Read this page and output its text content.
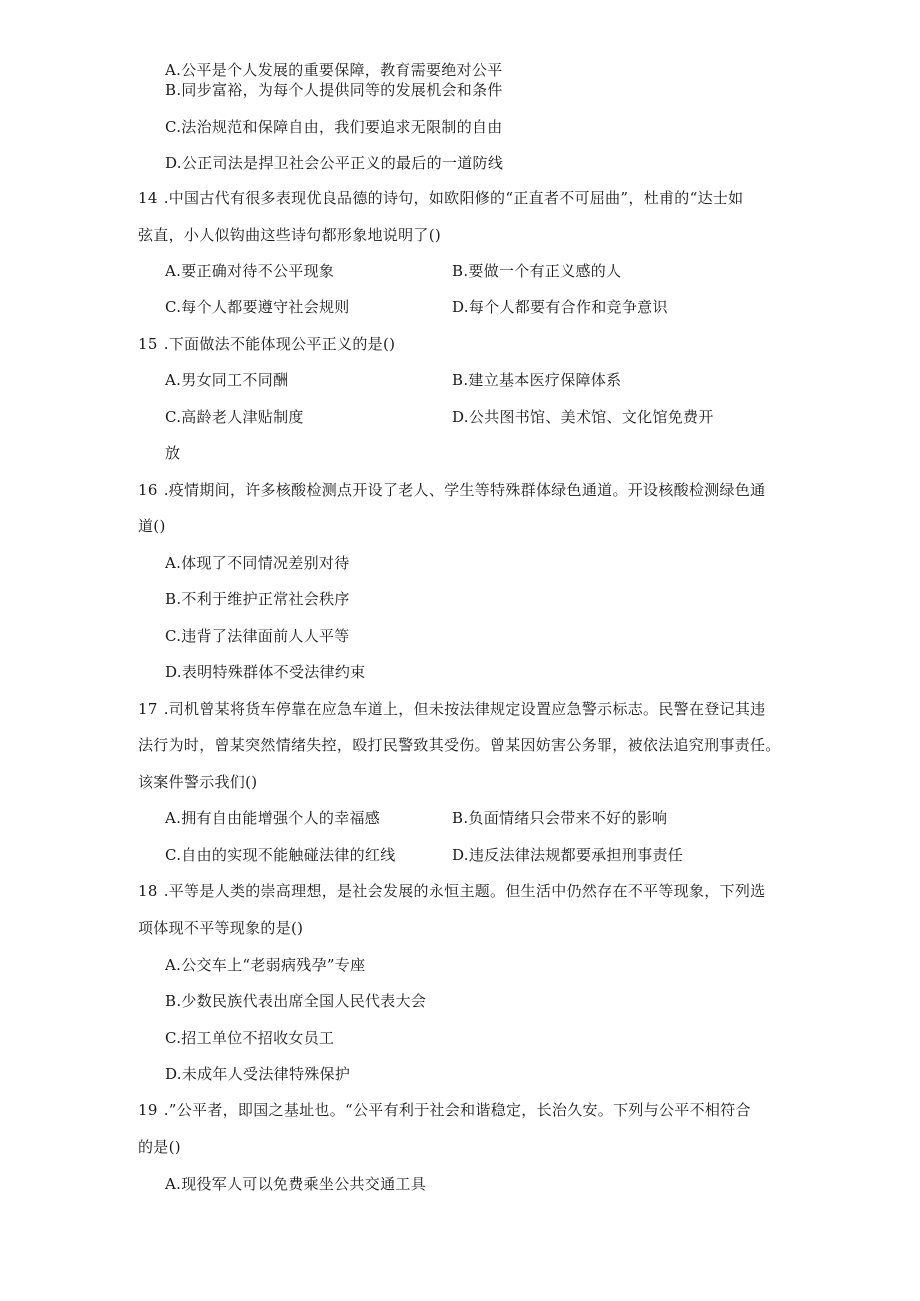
A.公平是个人发展的重要保障，教育需要绝对公平
B.同步富裕，为每个人提供同等的发展机会和条件
C.法治规范和保障自由，我们要追求无限制的自由
D.公正司法是捍卫社会公平正义的最后的一道防线
14 .中国古代有很多表现优良品德的诗句，如欧阳修的“正直者不可屈曲”，杜甫的“达士如
弦直，小人似钩曲这些诗句都形象地说明了()
A.要正确对待不公平现象	B.要做一个有正义感的人
C.每个人都要遵守社会规则	D.每个人都要有合作和竞争意识
15 .下面做法不能体现公平正义的是()
A.男女同工不同酬	B.建立基本医疗保障体系
C.高龄老人津贴制度	D.公共图书馆、美术馆、文化馆免费开
放
16 .疫情期间，许多核酸检测点开设了老人、学生等特殊群体绿色通道。开设核酸检测绿色通
道()
A.体现了不同情况差别对待
B.不利于维护正常社会秩序
C.违背了法律面前人人平等
D.表明特殊群体不受法律约束
17 .司机曾某将货车停靠在应急车道上，但未按法律规定设置应急警示标志。民警在登记其违
法行为时，曾某突然情绪失控，殴打民警致其受伤。曾某因妨害公务罪，被依法追究刑事责任。
该案件警示我们()
A.拥有自由能增强个人的幸福感	B.负面情绪只会带来不好的影响
C.自由的实现不能触碰法律的红线	D.违反法律法规都要承担刑事责任
18 .平等是人类的崇高理想，是社会发展的永恒主题。但生活中仍然存在不平等现象，下列选
项体现不平等现象的是()
A.公交车上“老弱病残孕”专座
B.少数民族代表出席全国人民代表大会
C.招工单位不招收女员工
D.未成年人受法律特殊保护
19 .”公平者，即国之基址也。“公平有利于社会和谐稳定，长治久安。下列与公平不相符合
的是()
A.现役军人可以免费乘坐公共交通工具
